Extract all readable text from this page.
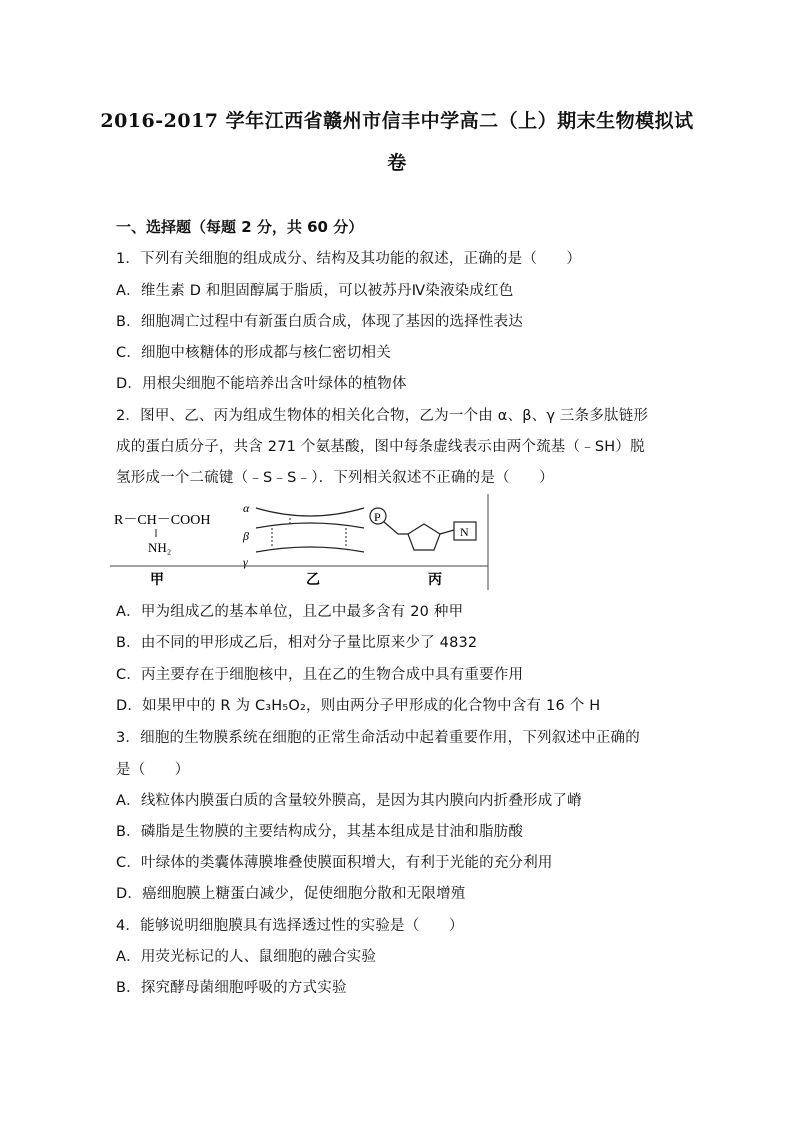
2016-2017 学年江西省赣州市信丰中学高二（上）期末生物模拟试
卷
一、选择题（每题 2 分，共 60 分）
1．下列有关细胞的组成成分、结构及其功能的叙述，正确的是（　　）
A．维生素 D 和胆固醇属于脂质，可以被苏丹Ⅳ染液染成红色
B．细胞凋亡过程中有新蛋白质合成，体现了基因的选择性表达
C．细胞中核糖体的形成都与核仁密切相关
D．用根尖细胞不能培养出含叶绿体的植物体
2．图甲、乙、丙为组成生物体的相关化合物，乙为一个由 α、β、γ 三条多肽链形
成的蛋白质分子，共含 271 个氨基酸，图中每条虚线表示由两个巯基（﹣SH）脱
氢形成一个二硫键（﹣S﹣S﹣）．下列相关叙述不正确的是（　　）
R－CH－COOH
NH₂
α
β
γ
P
N
甲	乙	丙
A．甲为组成乙的基本单位，且乙中最多含有 20 种甲
B．由不同的甲形成乙后，相对分子量比原来少了 4832
C．丙主要存在于细胞核中，且在乙的生物合成中具有重要作用
D．如果甲中的 R 为 C₃H₅O₂，则由两分子甲形成的化合物中含有 16 个 H
3．细胞的生物膜系统在细胞的正常生命活动中起着重要作用，下列叙述中正确的
是（　　）
A．线粒体内膜蛋白质的含量较外膜高，是因为其内膜向内折叠形成了嵴
B．磷脂是生物膜的主要结构成分，其基本组成是甘油和脂肪酸
C．叶绿体的类囊体薄膜堆叠使膜面积增大，有利于光能的充分利用
D．癌细胞膜上糖蛋白减少，促使细胞分散和无限增殖
4．能够说明细胞膜具有选择透过性的实验是（　　）
A．用荧光标记的人、鼠细胞的融合实验
B．探究酵母菌细胞呼吸的方式实验
